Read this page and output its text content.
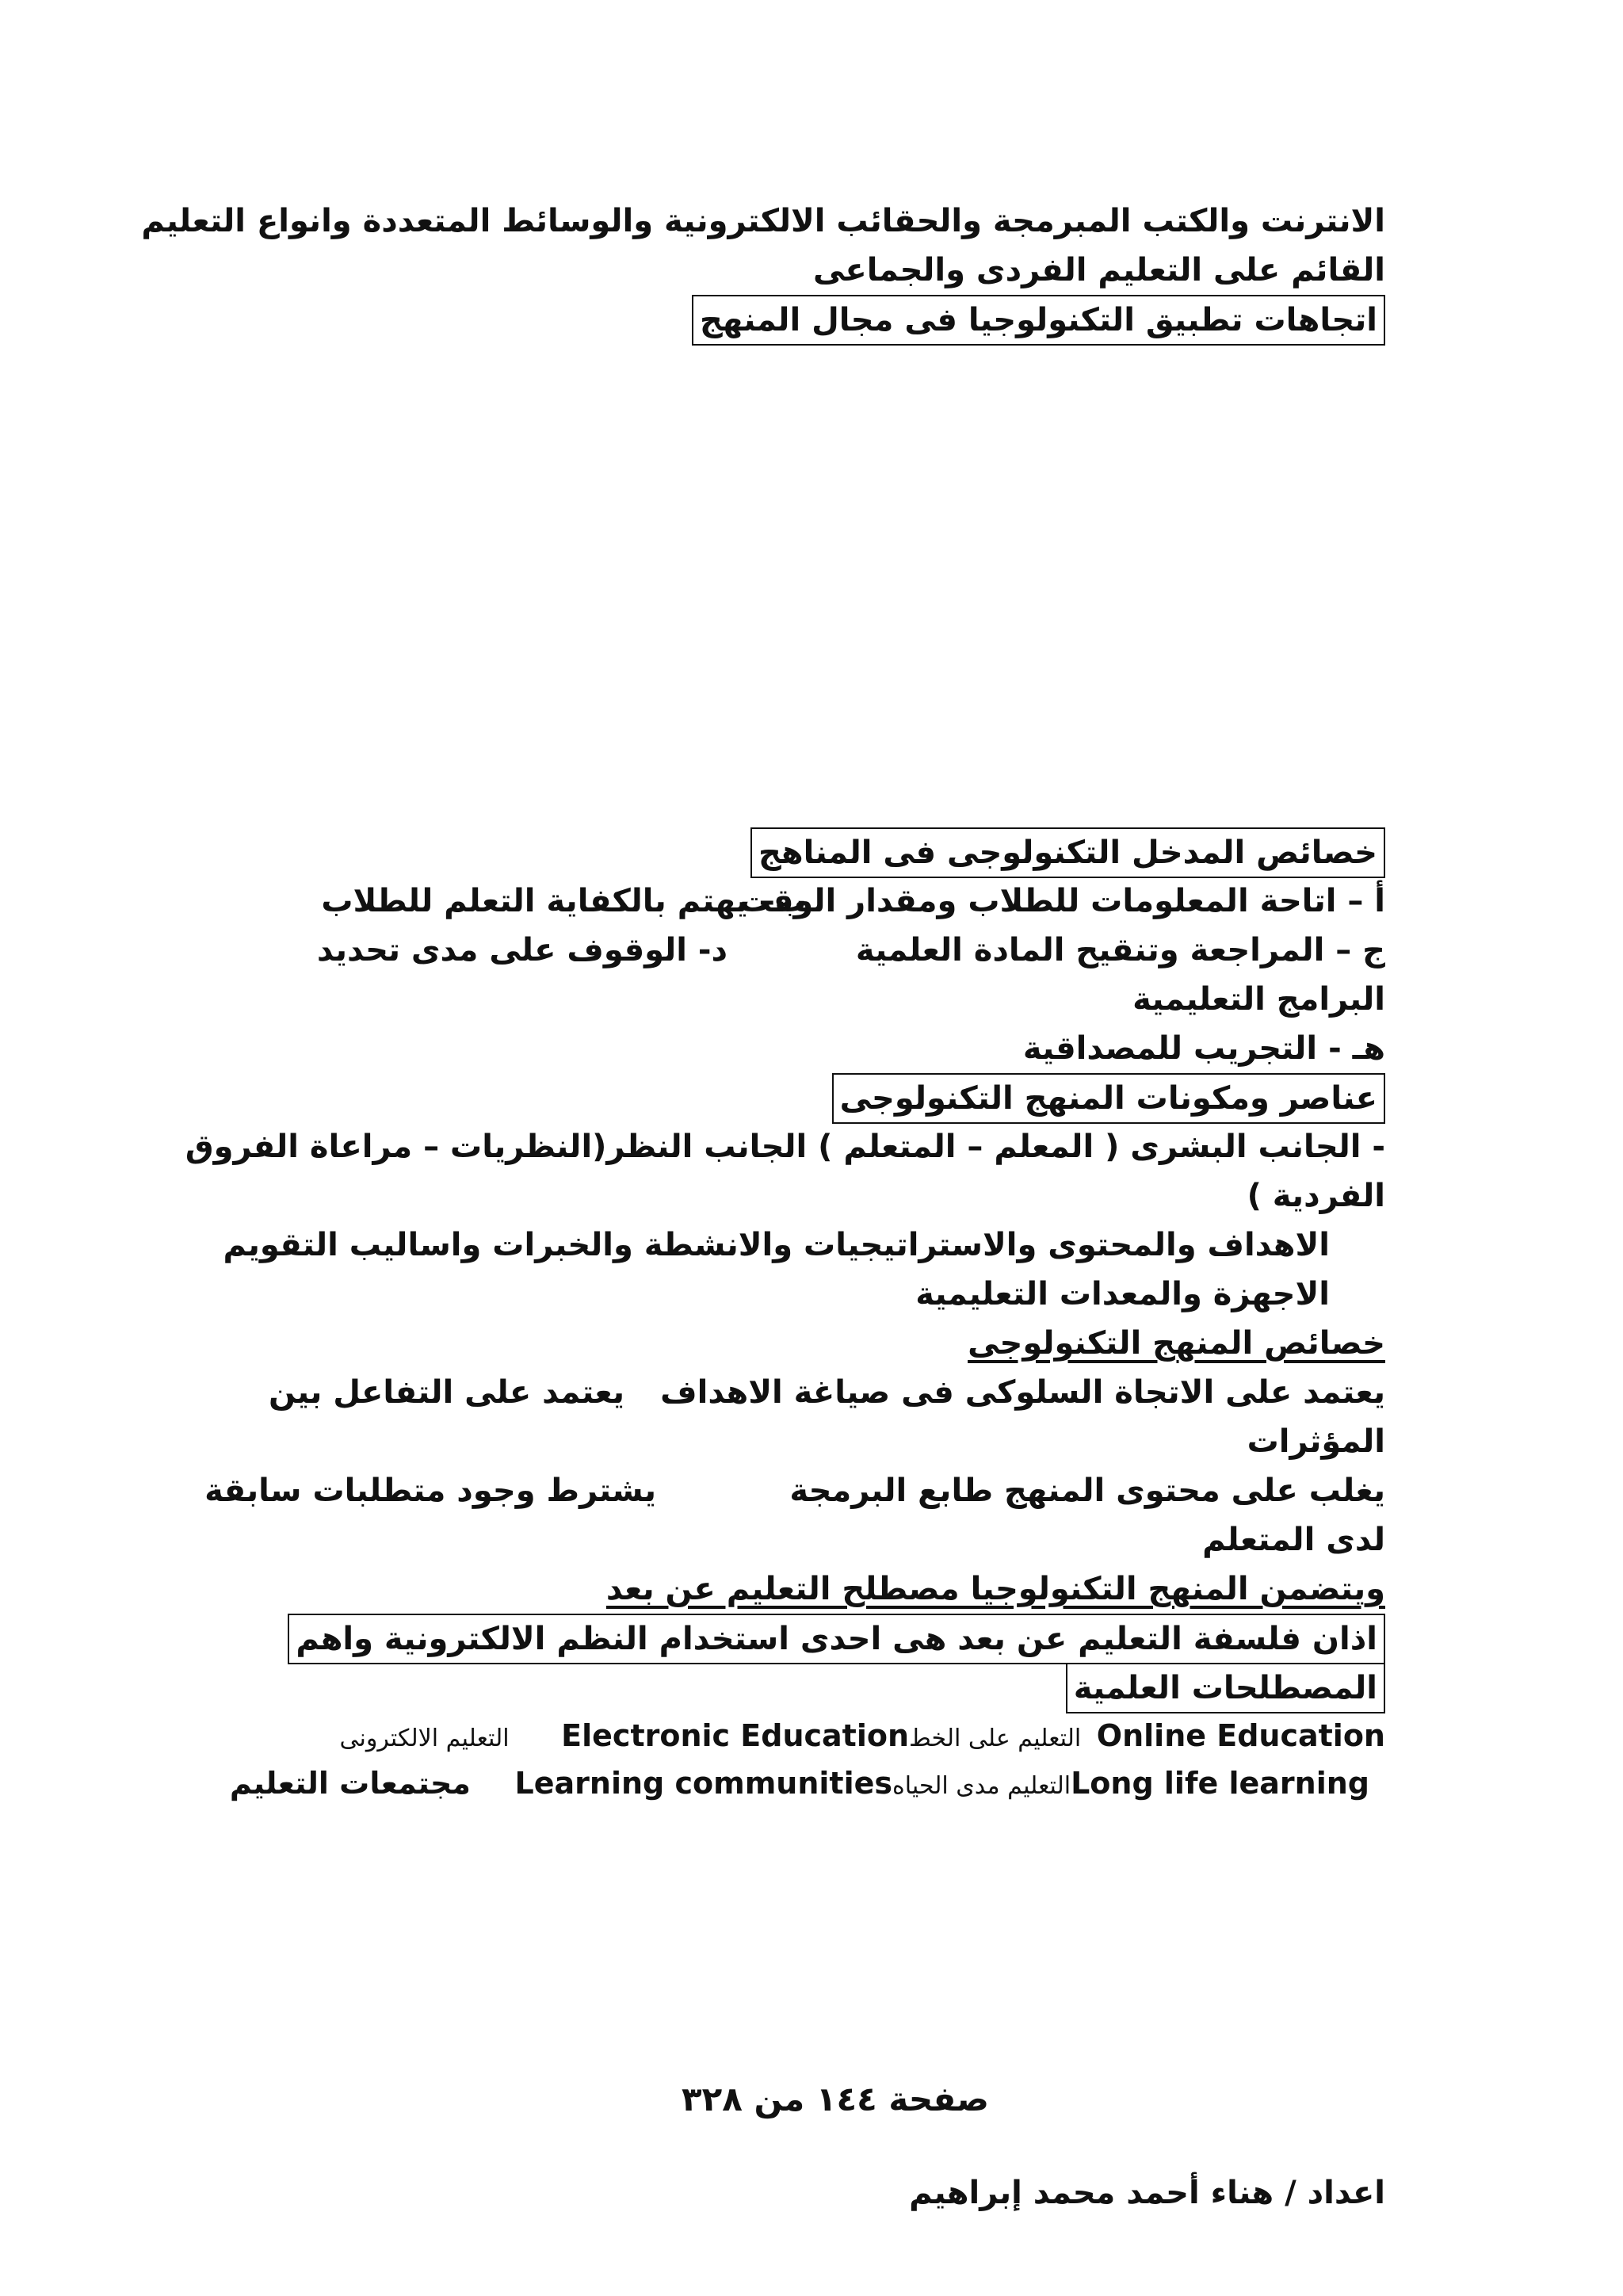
الانترنت والكتب المبرمجة والحقائب الالكترونية والوسائط المتعددة وانواع التعليم
القائم على التعليم الفردى والجماعى
اتجاهات تطبيق التكنولوجيا فى مجال المنهج
خصائص المدخل التكنولوجى فى المناهج
أ – اتاحة المعلومات للطلاب ومقدار الوقت
ب– يهتم بالكفاية التعلم للطلاب
ج – المراجعة وتنقيح المادة العلمية
د- الوقوف على مدى تحديد
البرامج التعليمية
هـ - التجريب للمصداقية
عناصر ومكونات المنهج التكنولوجى
- الجانب البشرى ( المعلم – المتعلم ) الجانب النظر(النظريات – مراعاة الفروق
الفردية )
الاهداف والمحتوى والاستراتيجيات والانشطة والخبرات واساليب التقويم
الاجهزة والمعدات التعليمية
خصائص المنهج التكنولوجى
يعتمد على الاتجاة السلوكى فى صياغة الاهداف
يعتمد على التفاعل بين
المؤثرات
يغلب على محتوى المنهج طابع البرمجة
يشترط وجود متطلبات سابقة
لدى المتعلم
ويتضمن المنهج التكنولوجيا مصطلح التعليم عن بعد
اذان فلسفة التعليم عن بعد هى احدى استخدام النظم الالكترونية واهم
المصطلحات العلمية
التعليم الالكترونى Electronic Educationالتعليم على الخط Online Education
مجتمعات التعليم Learning communitiesالتعليم مدى الحياهLong life learning
صفحة ١٤٤ من ٣٢٨
اعداد / هناء أحمد محمد إبراهيم
